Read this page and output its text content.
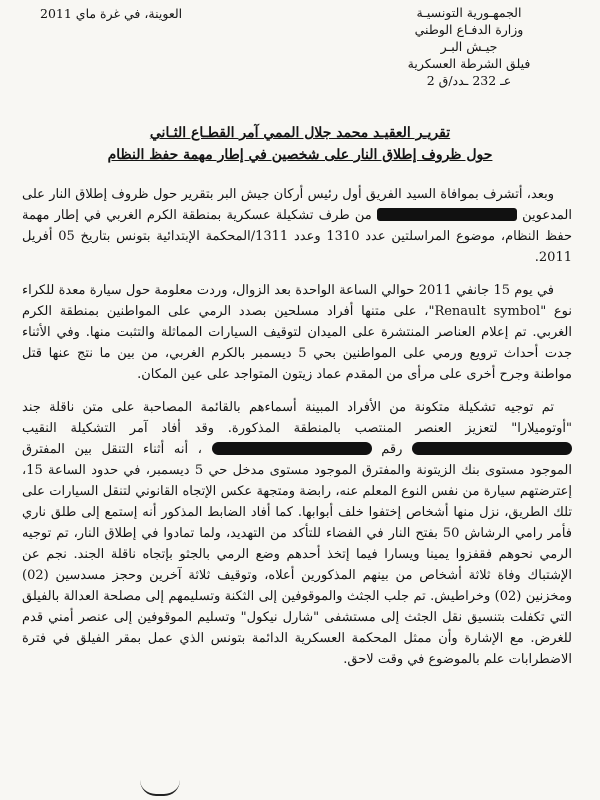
الجمهـورية التونسيـة
وزارة الدفـاع الوطني
جيـش البـر
فيلق الشرطة العسكرية
عـ 232 ـدد/ق 2
العوينة، في غرة ماي 2011
تقريـر العقيـد محمد جلال الممي آمر القطـاع الثـاني
حول ظروف إطلاق النار على شخصين في إطار مهمة حفظ النظام

وبعد، أتشرف بموافاة السيد الفريق أول رئيس أركان جيش البر بتقرير حول ظروف إطلاق النار على المدعوين  من طرف تشكيلة عسكرية بمنطقة الكرم الغربي في إطار مهمة حفظ النظام، موضوع المراسلتين عدد 1310 وعدد 1311/المحكمة الإبتدائية بتونس بتاريخ 05 أفريل 2011.

في يوم 15 جانفي 2011 حوالي الساعة الواحدة بعد الزوال، وردت معلومة حول سيارة معدة للكراء نوع "Renault symbol"، على متنها أفراد مسلحين بصدد الرمي على المواطنين بمنطقة الكرم الغربي. تم إعلام العناصر المنتشرة على الميدان لتوقيف السيارات المماثلة والتثبت منها. وفي الأثناء جدت أحداث ترويع ورمي على المواطنين بحي 5 ديسمبر بالكرم الغربي، من بين ما نتج عنها قتل مواطنة وجرح أخرى على مرأى من المقدم عماد زيتون المتواجد على عين المكان.

تم توجيه تشكيلة متكونة من الأفراد المبينة أسماءهم بالقائمة المصاحبة على متن ناقلة جند "أوتوميلارا" لتعزيز العنصر المنتصب بالمنطقة المذكورة. وقد أفاد آمر التشكيلة النقيب  رقم  ، أنه أثناء التنقل بين المفترق الموجود مستوى بنك الزيتونة والمفترق الموجود مستوى مدخل حي 5 ديسمبر، في حدود الساعة 15، إعترضتهم سيارة من نفس النوع المعلم عنه، رابضة ومتجهة عكس الإتجاه القانوني لتنقل السيارات على تلك الطريق، نزل منها أشخاص إختفوا خلف أبوابها. كما أفاد الضابط المذكور أنه إستمع إلى طلق ناري فأمر رامي الرشاش 50 بفتح النار في الفضاء للتأكد من التهديد، ولما تمادوا في إطلاق النار، تم توجيه الرمي نحوهم فقفزوا يمينا ويسارا فيما إتخذ أحدهم وضع الرمي بالجثو بإتجاه ناقلة الجند. نجم عن الإشتباك وفاة ثلاثة أشخاص من بينهم المذكورين أعلاه، وتوقيف ثلاثة آخرين وحجز مسدسين (02) ومخزنين (02) وخراطيش. تم جلب الجثث والموقوفين إلى الثكنة وتسليمهم إلى مصلحة العدالة بالفيلق التي تكفلت بتنسيق نقل الجثث إلى مستشفى "شارل نيكول" وتسليم الموقوفين إلى عنصر أمني قدم للغرض. مع الإشارة وأن ممثل المحكمة العسكرية الدائمة بتونس الذي عمل بمقر الفيلق في فترة الاضطرابات علم بالموضوع في وقت لاحق.
